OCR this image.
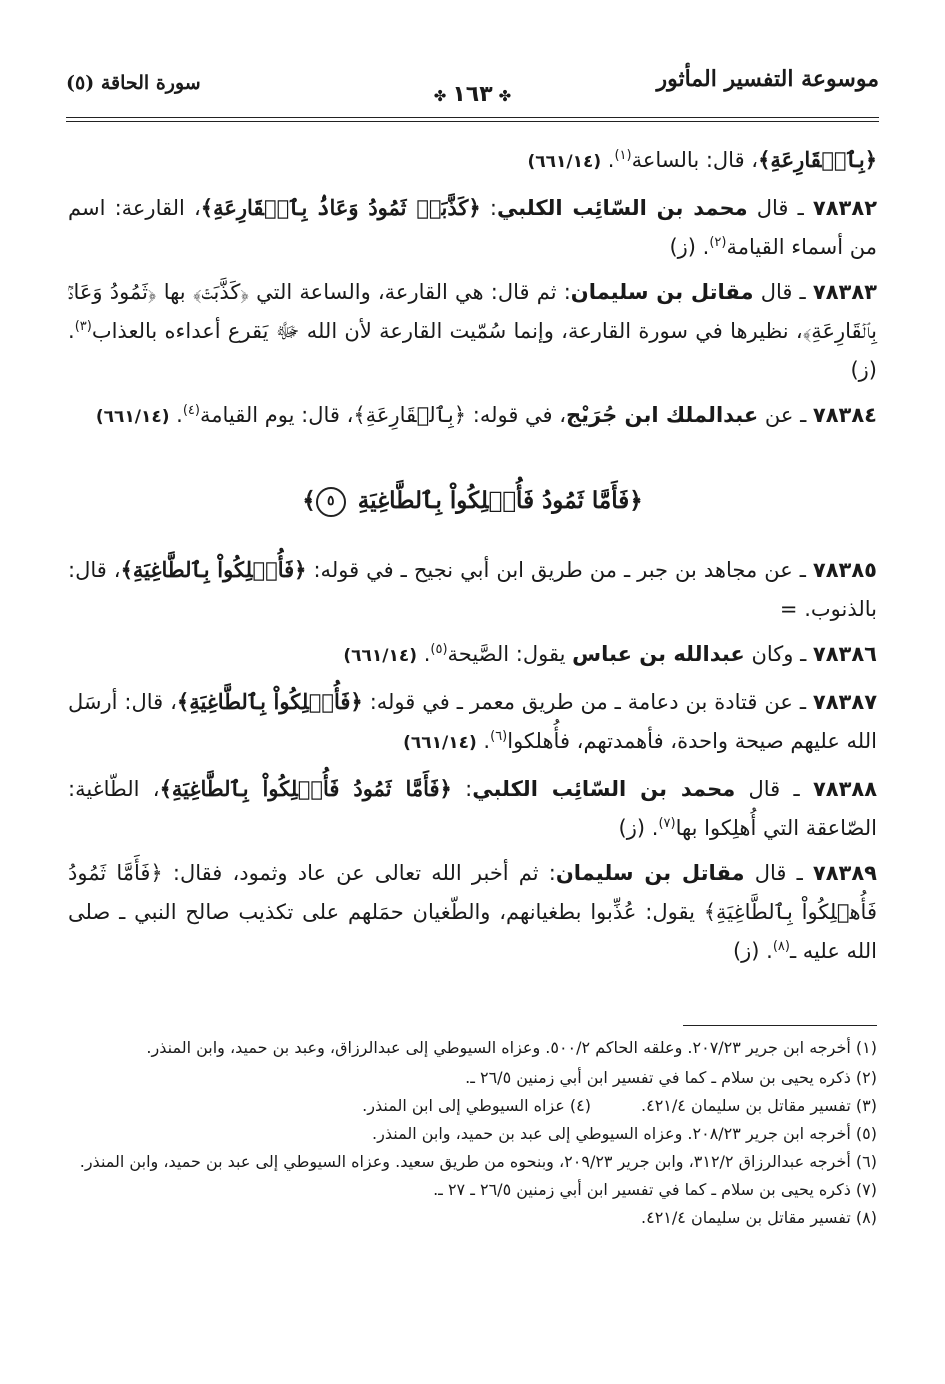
موسوعة التفسير المأثور
✤١٦٣✤
سورة الحاقة (٥)

﴿بِٱلۡقَارِعَةِ﴾، قال: بالساعة$^{(١)}$. (٦٦١/١٤)

٧٨٣٨٢ ـ قال محمد بن السّائِب الكلبي: ﴿كَذَّبَتۡ ثَمُودُ وَعَادُۢ بِٱلۡقَارِعَةِ﴾، القارعة: اسم من أسماء القيامة$^{(٢)}$. (ز)

٧٨٣٨٣ ـ قال مقاتل بن سليمان: ثم قال: هي القارعة، والساعة التي ﴿كَذَّبَتۡ﴾ بها ﴿ثَمُودُ وَعَادُۢ بِٱلۡقَارِعَةِ﴾، نظيرها في سورة القارعة، وإنما سُمّيت القارعة لأن الله ﷻ يَقرع أعداءه بالعذاب$^{(٣)}$. (ز)

٧٨٣٨٤ ـ عن عبدالملك ابن جُرَيْج، في قوله: ﴿بِٱلۡقَارِعَةِ﴾، قال: يوم القيامة$^{(٤)}$. (٦٦١/١٤)

﴿فَأَمَّا ثَمُودُ فَأُهۡلِكُواْ بِٱلطَّاغِيَةِ ٥﴾

٧٨٣٨٥ ـ عن مجاهد بن جبر ـ من طريق ابن أبي نجيح ـ في قوله: ﴿فَأُهۡلِكُواْ بِٱلطَّاغِيَةِ﴾، قال: بالذنوب. =

٧٨٣٨٦ ـ وكان عبدالله بن عباس يقول: الصَّيحة$^{(٥)}$. (٦٦١/١٤)

٧٨٣٨٧ ـ عن قتادة بن دعامة ـ من طريق معمر ـ في قوله: ﴿فَأُهۡلِكُواْ بِٱلطَّاغِيَةِ﴾، قال: أرسَل الله عليهم صيحة واحدة، فأهمدتهم، فأُهلكوا$^{(٦)}$. (٦٦١/١٤)

٧٨٣٨٨ ـ قال محمد بن السّائِب الكلبي: ﴿فَأَمَّا ثَمُودُ فَأُهۡلِكُواْ بِٱلطَّاغِيَةِ﴾، الطّاغية: الصّاعقة التي أُهلِكوا بها$^{(٧)}$. (ز)

٧٨٣٨٩ ـ قال مقاتل بن سليمان: ثم أخبر الله تعالى عن عاد وثمود، فقال: ﴿فَأَمَّا ثَمُودُ فَأُهۡلِكُواْ بِٱلطَّاغِيَةِ﴾ يقول: عُذِّبوا بطغيانهم، والطّغيان حمَلهم على تكذيب صالح النبي ـ صلى الله عليه ـ$^{(٨)}$. (ز)

(١) أخرجه ابن جرير ٢٠٧/٢٣. وعلقه الحاكم ٥٠٠/٢. وعزاه السيوطي إلى عبدالرزاق، وعبد بن حميد، وابن المنذر.

(٢) ذكره يحيى بن سلام ـ كما في تفسير ابن أبي زمنين ٢٦/٥ ـ.

(٣) تفسير مقاتل بن سليمان ٤٢١/٤.

(٤) عزاه السيوطي إلى ابن المنذر.

(٥) أخرجه ابن جرير ٢٠٨/٢٣. وعزاه السيوطي إلى عبد بن حميد، وابن المنذر.

(٦) أخرجه عبدالرزاق ٣١٢/٢، وابن جرير ٢٠٩/٢٣، وبنحوه من طريق سعيد. وعزاه السيوطي إلى عبد بن حميد، وابن المنذر.

(٧) ذكره يحيى بن سلام ـ كما في تفسير ابن أبي زمنين ٢٦/٥ ـ ٢٧ ـ.

(٨) تفسير مقاتل بن سليمان ٤٢١/٤.
